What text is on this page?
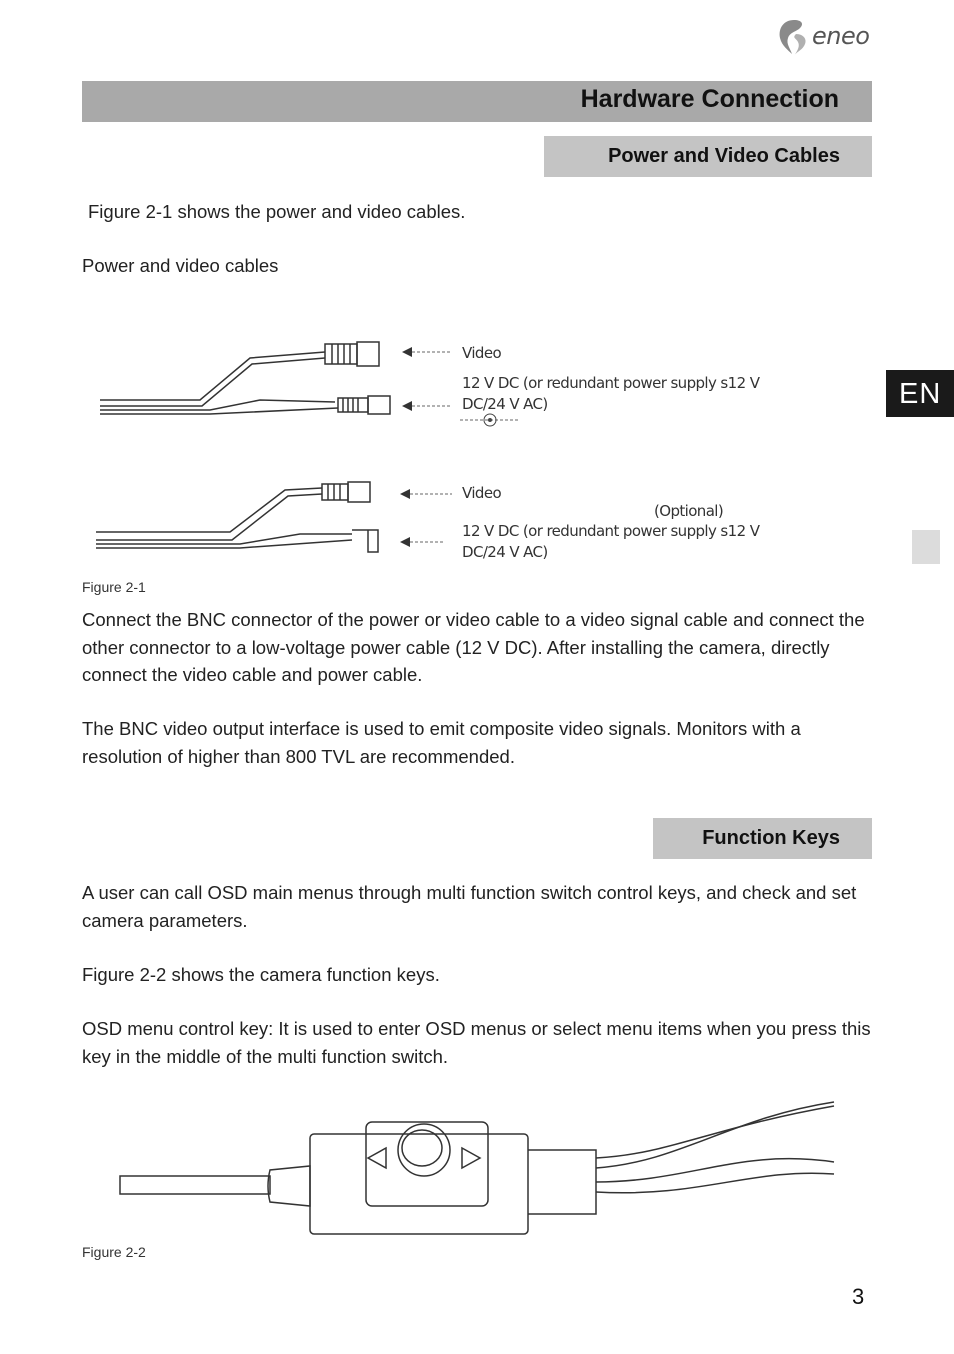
eneo
Hardware Connection
Power and Video Cables

Figure 2-1 shows the power and video cables.

Power and video cables

Video
12 V DC (or redundant power supply s12 V
DC/24 V AC)
Video
(Optional)
12 V DC (or redundant power supply s12 V
DC/24 V AC)
Figure 2-1

Connect the BNC connector of the power or video cable to a video signal cable and connect the other connector to a low-voltage power cable (12 V DC). After installing the camera, directly connect the video cable and power cable.

The BNC video output interface is used to emit composite video signals. Monitors with a resolution of higher than 800 TVL are recommended.

Function Keys

A user can call OSD main menus through multi function switch control keys, and check and set camera parameters.

Figure 2-2 shows the camera function keys.

OSD menu control key: It is used to enter OSD menus or select menu items when you press this key in the middle of the multi function switch.

Figure 2-2
EN
3
